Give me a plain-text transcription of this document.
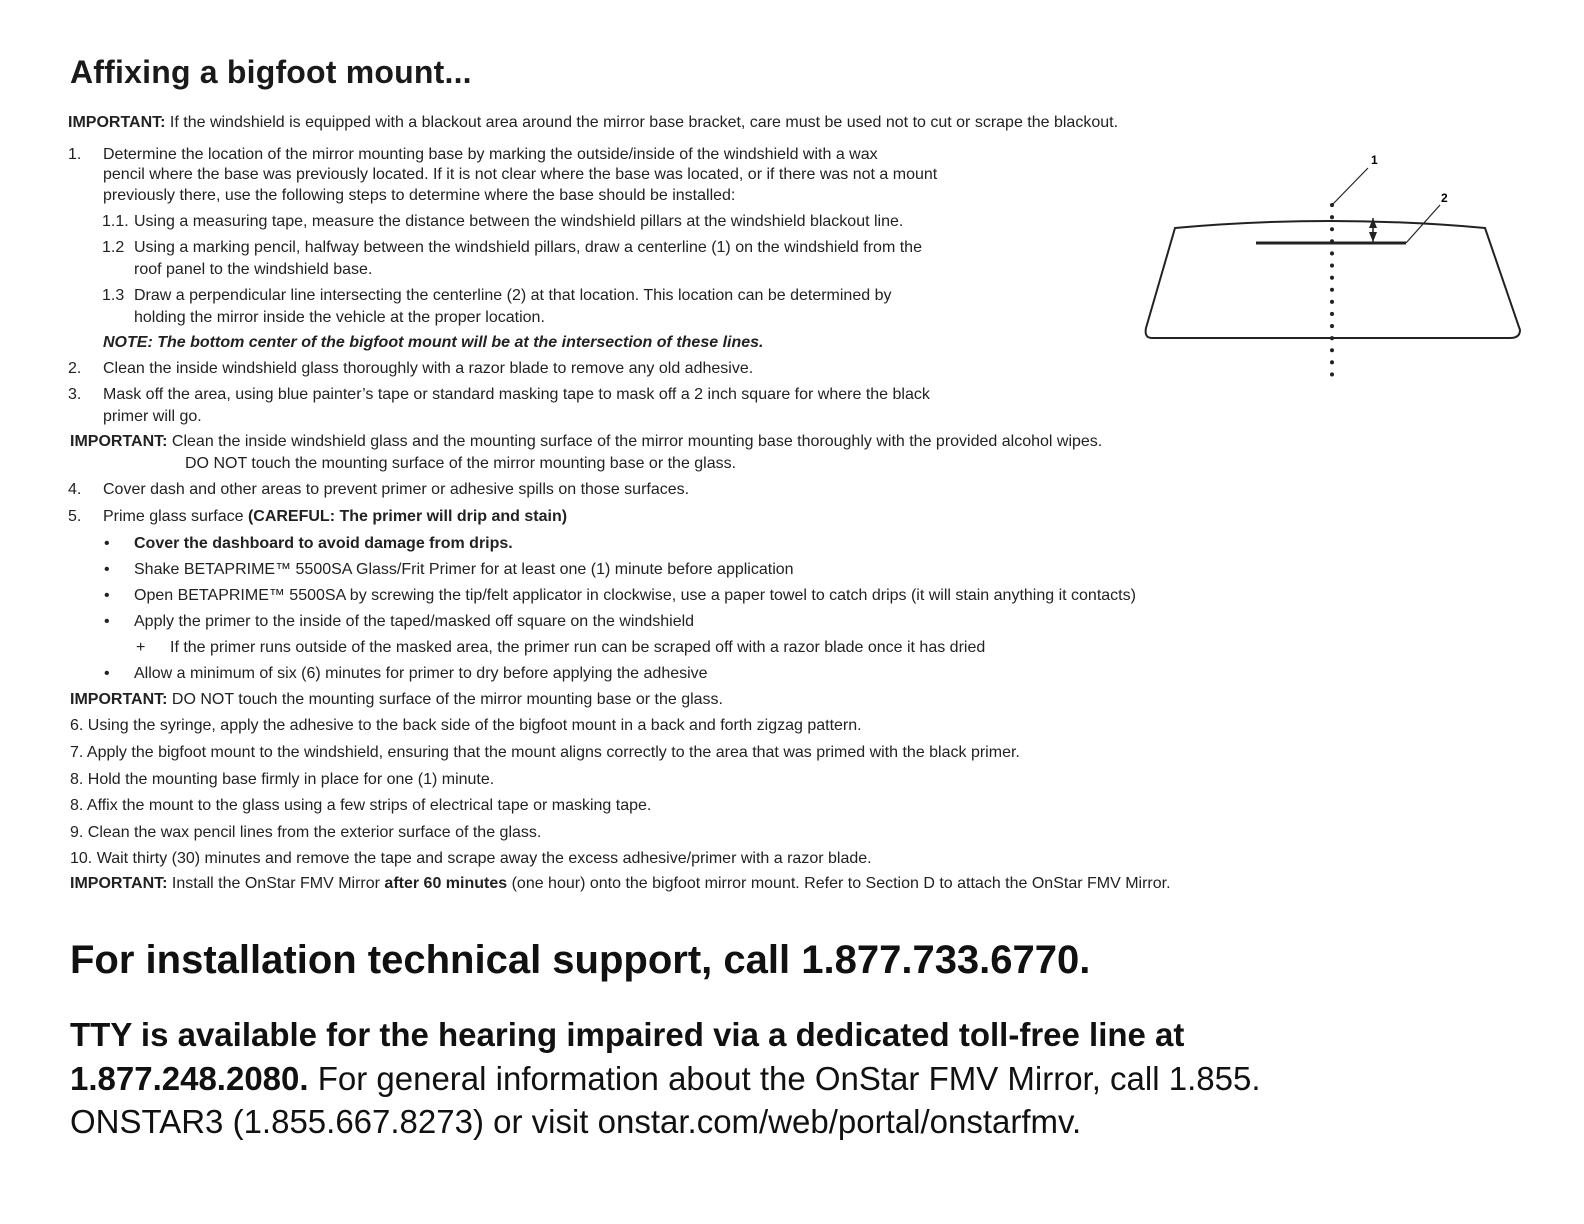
Affixing a bigfoot mount...
IMPORTANT: If the windshield is equipped with a blackout area around the mirror base bracket, care must be used not to cut or scrape the blackout.
1. Determine the location of the mirror mounting base by marking the outside/inside of the windshield with a wax
pencil where the base was previously located. If it is not clear where the base was located, or if there was not a mount
previously there, use the following steps to determine where the base should be installed:
1.1. Using a measuring tape, measure the distance between the windshield pillars at the windshield blackout line.
1.2 Using a marking pencil, halfway between the windshield pillars, draw a centerline (1) on the windshield from the
roof panel to the windshield base.
1.3 Draw a perpendicular line intersecting the centerline (2) at that location. This location can be determined by
holding the mirror inside the vehicle at the proper location.
NOTE: The bottom center of the bigfoot mount will be at the intersection of these lines.
2. Clean the inside windshield glass thoroughly with a razor blade to remove any old adhesive.
3. Mask off the area, using blue painter’s tape or standard masking tape to mask off a 2 inch square for where the black
primer will go.
IMPORTANT: Clean the inside windshield glass and the mounting surface of the mirror mounting base thoroughly with the provided alcohol wipes.
DO NOT touch the mounting surface of the mirror mounting base or the glass.
4. Cover dash and other areas to prevent primer or adhesive spills on those surfaces.
5. Prime glass surface (CAREFUL: The primer will drip and stain)
• Cover the dashboard to avoid damage from drips.
• Shake BETAPRIME™ 5500SA Glass/Frit Primer for at least one (1) minute before application
• Open BETAPRIME™ 5500SA by screwing the tip/felt applicator in clockwise, use a paper towel to catch drips (it will stain anything it contacts)
• Apply the primer to the inside of the taped/masked off square on the windshield
+ If the primer runs outside of the masked area, the primer run can be scraped off with a razor blade once it has dried
• Allow a minimum of six (6) minutes for primer to dry before applying the adhesive
IMPORTANT: DO NOT touch the mounting surface of the mirror mounting base or the glass.
6. Using the syringe, apply the adhesive to the back side of the bigfoot mount in a back and forth zigzag pattern.
7. Apply the bigfoot mount to the windshield, ensuring that the mount aligns correctly to the area that was primed with the black primer.
8. Hold the mounting base firmly in place for one (1) minute.
8. Affix the mount to the glass using a few strips of electrical tape or masking tape.
9. Clean the wax pencil lines from the exterior surface of the glass.
10. Wait thirty (30) minutes and remove the tape and scrape away the excess adhesive/primer with a razor blade.
IMPORTANT: Install the OnStar FMV Mirror after 60 minutes (one hour) onto the bigfoot mirror mount. Refer to Section D to attach the OnStar FMV Mirror.
For installation technical support, call 1.877.733.6770.
TTY is available for the hearing impaired via a dedicated toll-free line at
1.877.248.2080. For general information about the OnStar FMV Mirror, call 1.855.
ONSTAR3 (1.855.667.8273) or visit onstar.com/web/portal/onstarfmv.
1
2
